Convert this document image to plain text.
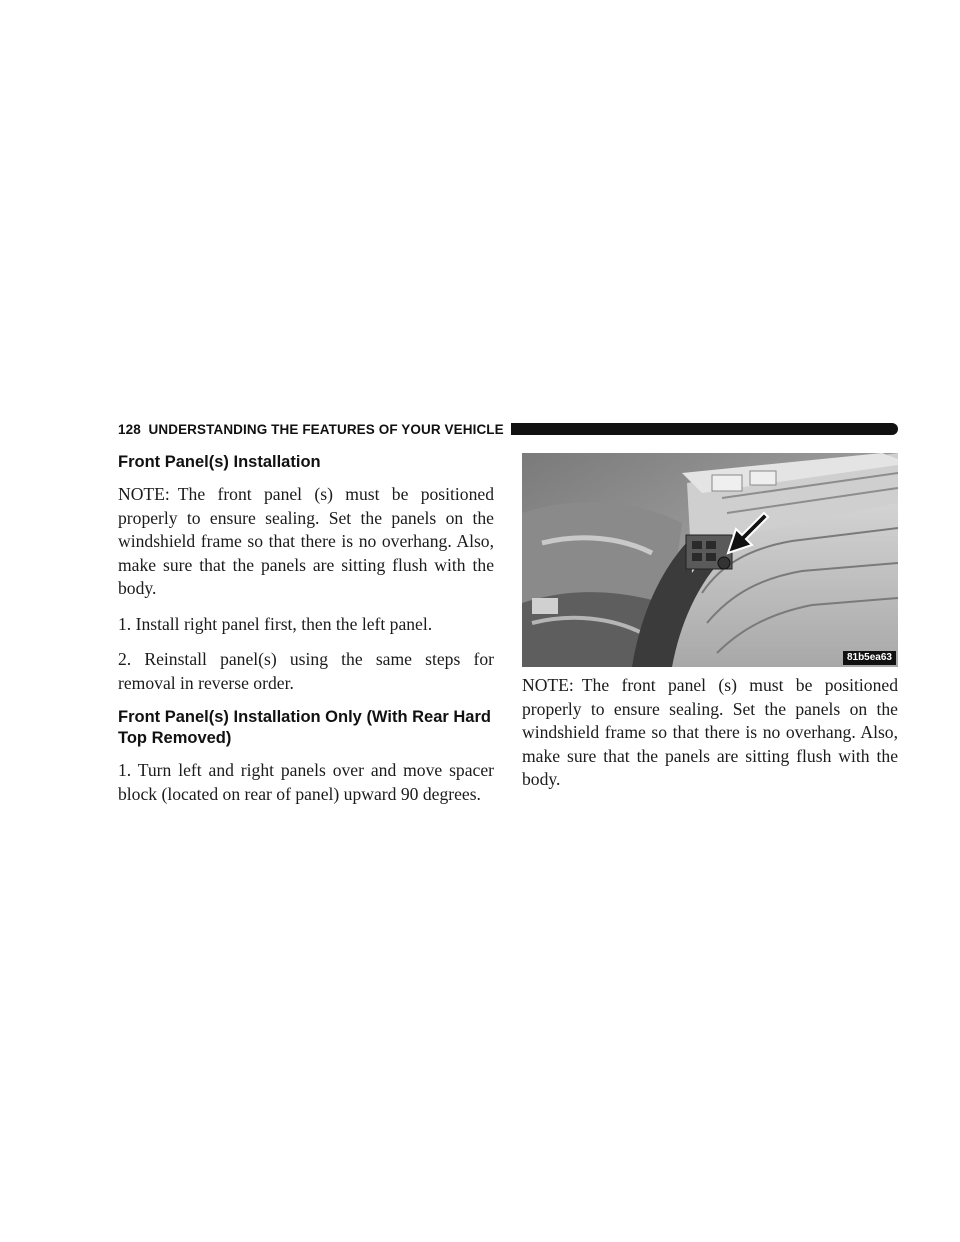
128 UNDERSTANDING THE FEATURES OF YOUR VEHICLE
Front Panel(s) Installation

NOTE: The front panel (s) must be positioned properly to ensure sealing. Set the panels on the windshield frame so that there is no overhang. Also, make sure that the panels are sitting flush with the body.

1. Install right panel first, then the left panel.

2. Reinstall panel(s) using the same steps for removal in reverse order.

Front Panel(s) Installation Only (With Rear Hard Top Removed)

1. Turn left and right panels over and move spacer block (located on rear of panel) upward 90 degrees.

81b5ea63

NOTE: The front panel (s) must be positioned properly to ensure sealing. Set the panels on the windshield frame so that there is no overhang. Also, make sure that the panels are sitting flush with the body.
